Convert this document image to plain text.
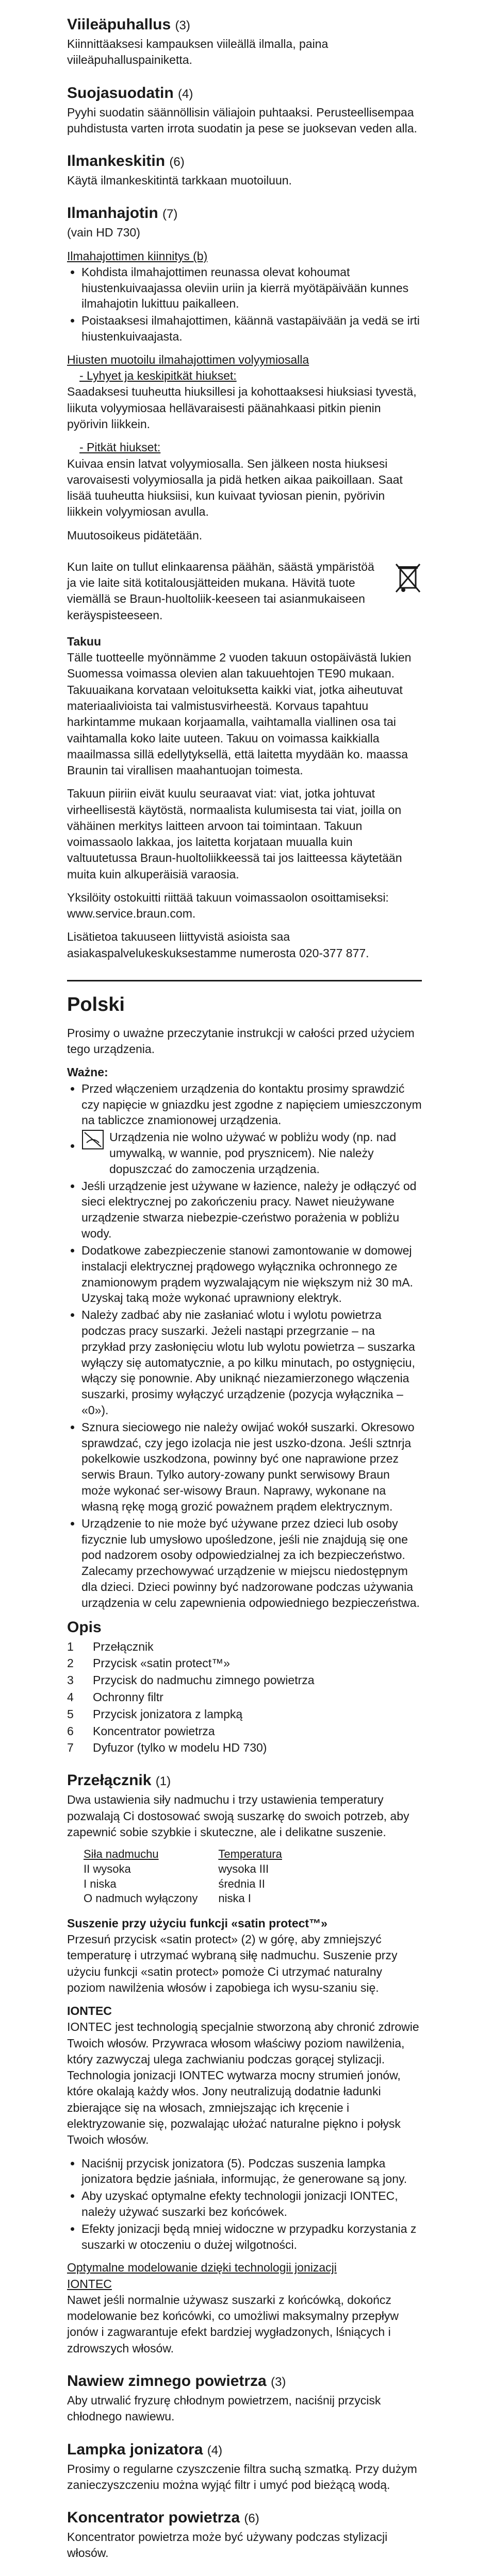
Viileäpuhallus (3)

Kiinnittäaksesi kampauksen viileällä ilmalla, paina viileäpuhalluspainiketta.

Suojasuodatin (4)

Pyyhi suodatin säännöllisin väliajoin puhtaaksi. Perusteellisempaa puhdistusta varten irrota suodatin ja pese se juoksevan veden alla.

Ilmankeskitin (6)

Käytä ilmankeskitintä tarkkaan muotoiluun.

Ilmanhajotin (7)

(vain HD 730)

Ilmahajottimen kiinnitys (b)

• Kohdista ilmahajottimen reunassa olevat kohoumat hiustenkuivaajassa oleviin uriin ja kierrä myötäpäivään kunnes ilmahajotin lukittuu paikalleen.
• Poistaaksesi ilmahajottimen, käännä vastapäivään ja vedä se irti hiustenkuivaajasta.

Hiusten muotoilu ilmahajottimen volyymiosalla

- Lyhyet ja keskipitkät hiukset:

Saadaksesi tuuheutta hiuksillesi ja kohottaaksesi hiuksiasi tyvestä, liikuta volyymiosaa hellävaraisesti päänahkaasi pitkin pienin pyörivin liikkein.

- Pitkät hiukset:

Kuivaa ensin latvat volyymiosalla. Sen jälkeen nosta hiuksesi varovaisesti volyymiosalla ja pidä hetken aikaa paikoillaan. Saat lisää tuuheutta hiuksiisi, kun kuivaat tyviosan pienin, pyörivin liikkein volyymiosan avulla.

Muutosoikeus pidätetään.

Kun laite on tullut elinkaarensa päähän, säästä ympäristöä ja vie laite sitä kotitalousjätteiden mukana. Hävitä tuote viemällä se Braun-huoltoliik-keeseen tai asianmukaiseen keräyspisteeseen.

Takuu

Tälle tuotteelle myönnämme 2 vuoden takuun ostopäivästä lukien Suomessa voimassa olevien alan takuuehtojen TE90 mukaan. Takuuaikana korvataan veloituksetta kaikki viat, jotka aiheutuvat materiaalivioista tai valmistusvirheestä. Korvaus tapahtuu harkintamme mukaan korjaamalla, vaihtamalla viallinen osa tai vaihtamalla koko laite uuteen. Takuu on voimassa kaikkialla maailmassa sillä edellytyksellä, että laitetta myydään ko. maassa Braunin tai virallisen maahantuojan toimesta.

Takuun piiriin eivät kuulu seuraavat viat: viat, jotka johtuvat virheellisestä käytöstä, normaalista kulumisesta tai viat, joilla on vähäinen merkitys laitteen arvoon tai toimintaan. Takuun voimassaolo lakkaa, jos laitetta korjataan muualla kuin valtuutetussa Braun-huoltoliikkeessä tai jos laitteessa käytetään muita kuin alkuperäisiä varaosia.

Yksilöity ostokuitti riittää takuun voimassaolon osoittamiseksi: www.service.braun.com.

Lisätietoa takuuseen liittyvistä asioista saa asiakaspalvelukeskuksestamme numerosta 020-377 877.

Polski

Prosimy o uważne przeczytanie instrukcji w całości przed użyciem tego urządzenia.

Ważne:

• Przed włączeniem urządzenia do kontaktu prosimy sprawdzić czy napięcie w gniazdku jest zgodne z napięciem umieszczonym na tabliczce znamionowej urządzenia.
• Urządzenia nie wolno używać w pobliżu wody (np. nad umywalką, w wannie, pod prysznicem). Nie należy dopuszczać do zamoczenia urządzenia.
• Jeśli urządzenie jest używane w łazience, należy je odłączyć od sieci elektrycznej po zakończeniu pracy. Nawet nieużywane urządzenie stwarza niebezpie-czeństwo porażenia w pobliżu wody.
• Dodatkowe zabezpieczenie stanowi zamontowanie w domowej instalacji elektrycznej prądowego wyłącznika ochronnego ze znamionowym prądem wyzwalającym nie większym niż 30 mA. Uzyskaj taką może wykonać uprawniony elektryk.
• Należy zadbać aby nie zasłaniać wlotu i wylotu powietrza podczas pracy suszarki. Jeżeli nastąpi przegrzanie – na przykład przy zasłonięciu wlotu lub wylotu powietrza – suszarka wyłączy się automatycznie, a po kilku minutach, po ostygnięciu, włączy się ponownie. Aby uniknąć niezamierzonego włączenia suszarki, prosimy wyłączyć urządzenie (pozycja wyłącznika – «0»).
• Sznura sieciowego nie należy owijać wokół suszarki. Okresowo sprawdzać, czy jego izolacja nie jest uszko-dzona. Jeśli sztnrja pokelkowie uszkodzona, powinny być one naprawione przez serwis Braun. Tylko autory-zowany punkt serwisowy Braun może wykonać ser-wisowy Braun. Naprawy, wykonane na własną rękę mogą grozić poważnem prądem elektrycznym.
• Urządzenie to nie może być używane przez dzieci lub osoby fizycznie lub umysłowo upośledzone, jeśli nie znajdują się one pod nadzorem osoby odpowiedzialnej za ich bezpieczeństwo. Zalecamy przechowywać urządzenie w miejscu niedostępnym dla dzieci. Dzieci powinny być nadzorowane podczas używania urządzenia w celu zapewnienia odpowiedniego bezpieczeństwa.
Opis
1	Przełącznik
2	Przycisk «satin protect™»
3	Przycisk do nadmuchu zimnego powietrza
4	Ochronny filtr
5	Przycisk jonizatora z lampką
6	Koncentrator powietrza
7	Dyfuzor (tylko w modelu HD 730)
Przełącznik (1)

Dwa ustawienia siły nadmuchu i trzy ustawienia temperatury pozwalają Ci dostosować swoją suszarkę do swoich potrzeb, aby zapewnić sobie szybkie i skuteczne, ale i delikatne suszenie.

Siła nadmuchu	Temperatura
II wysoka	wysoka III
I niska	średnia II
O nadmuch wyłączony	niska I

Suszenie przy użyciu funkcji «satin protect™»

Przesuń przycisk «satin protect» (2) w górę, aby zmniejszyć temperaturę i utrzymać wybraną siłę nadmuchu. Suszenie przy użyciu funkcji «satin protect» pomoże Ci utrzymać naturalny poziom nawilżenia włosów i zapobiega ich wysu-szaniu się.

IONTEC

IONTEC jest technologią specjalnie stworzoną aby chronić zdrowie Twoich włosów. Przywraca włosom właściwy poziom nawilżenia, który zazwyczaj ulega zachwianiu podczas gorącej stylizacji. Technologia jonizacji IONTEC wytwarza mocny strumień jonów, które okalają każdy włos. Jony neutralizują dodatnie ładunki zbierające się na włosach, zmniejszając ich kręcenie i elektryzowanie się, pozwalając ułożać naturalne piękno i połysk Twoich włosów.

• Naciśnij przycisk jonizatora (5). Podczas suszenia lampka jonizatora będzie jaśniała, informując, że generowane są jony.
• Aby uzyskać optymalne efekty technologii jonizacji IONTEC, należy używać suszarki bez końcówek.
• Efekty jonizacji będą mniej widoczne w przypadku korzystania z suszarki w otoczeniu o dużej wilgotności.

Optymalne modelowanie dzięki technologii jonizacji

IONTEC

Nawet jeśli normalnie używasz suszarki z końcówką, dokończ modelowanie bez końcówki, co umożliwi maksymalny przepływ jonów i zagwarantuje efekt bardziej wygładzonych, lśniących i zdrowszych włosów.

Nawiew zimnego powietrza (3)

Aby utrwalić fryzurę chłodnym powietrzem, naciśnij przycisk chłodnego nawiewu.

Lampka jonizatora (4)

Prosimy o regularne czyszczenie filtra suchą szmatką. Przy dużym zanieczyszczeniu można wyjąć filtr i umyć pod bieżącą wodą.

Koncentrator powietrza (6)

Koncentrator powietrza może być używany podczas stylizacji włosów.
